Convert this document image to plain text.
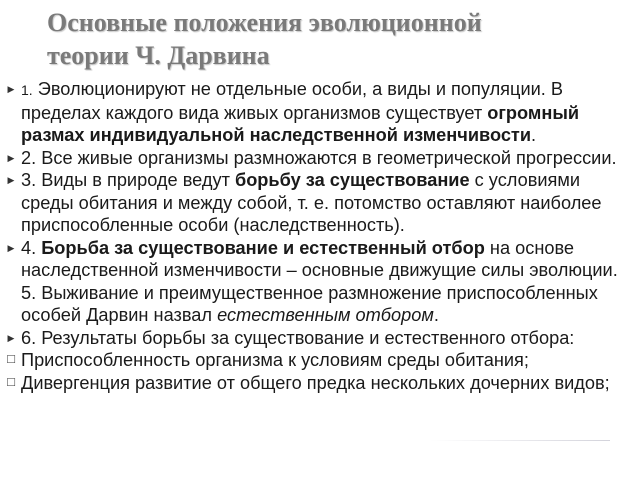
Основные положения эволюционной
теории Ч. Дарвина
▶ 1. Эволюционируют не отдельные особи, а виды и популяции. В пределах каждого вида живых организмов существует огромный размах индивидуальной наследственной изменчивости.
▶ 2. Все живые организмы размножаются в геометрической прогрессии.
▶ 3. Виды в природе ведут борьбу за существование с условиями среды обитания и между собой, т. е. потомство оставляют наиболее приспособленные особи (наследственность).
▶ 4. Борьба за существование и естественный отбор на основе наследственной изменчивости – основные движущие силы эволюции. 5. Выживание и преимущественное размножение приспособленных особей Дарвин назвал естественным отбором.
▶ 6. Результаты борьбы за существование и естественного отбора:
□ Приспособленность организма к условиям среды обитания;
□ Дивергенция развитие от общего предка нескольких дочерних видов;
